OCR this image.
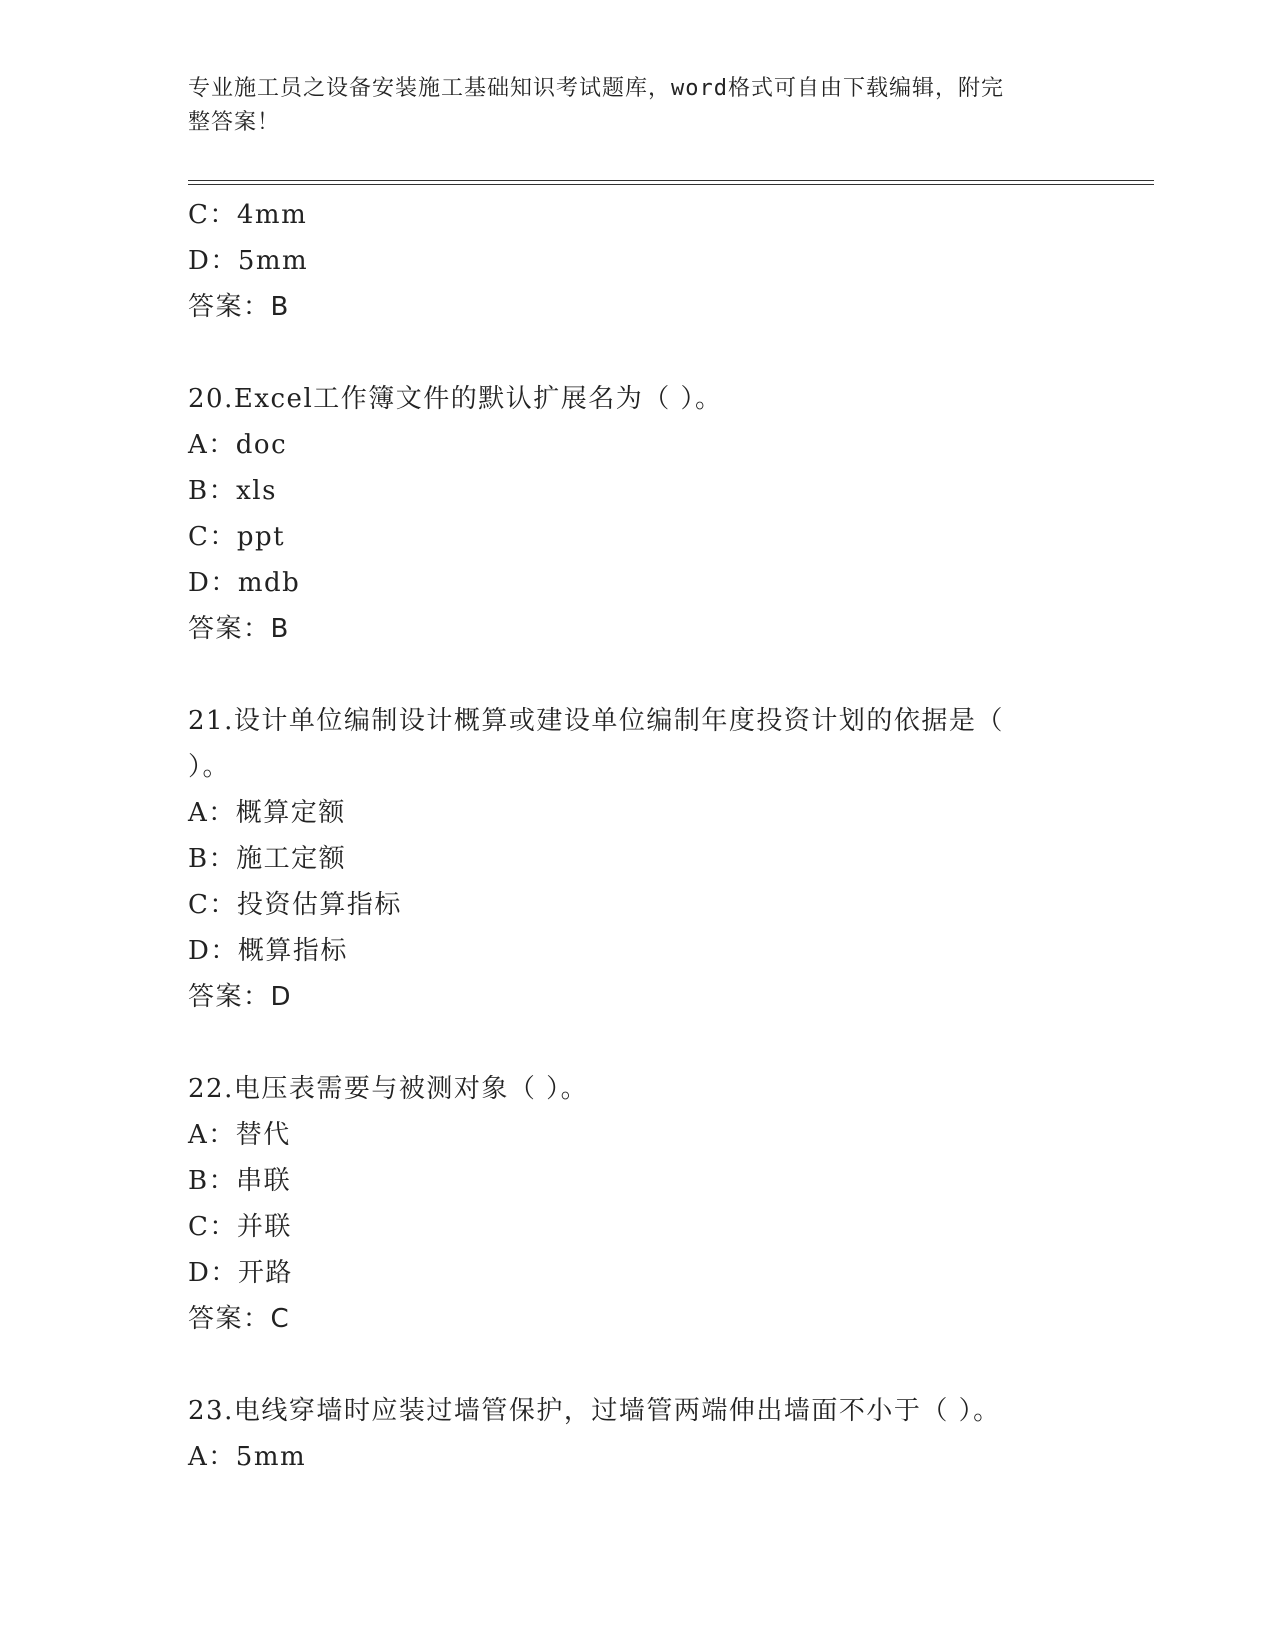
专业施工员之设备安装施工基础知识考试题库，word格式可自由下载编辑，附完
整答案！
C：4mm
D：5mm
答案：B
20.Excel工作簿文件的默认扩展名为（ ）。
A：doc
B：xls
C：ppt
D：mdb
答案：B
21.设计单位编制设计概算或建设单位编制年度投资计划的依据是（
）。
A：概算定额
B：施工定额
C：投资估算指标
D：概算指标
答案：D
22.电压表需要与被测对象（ ）。
A：替代
B：串联
C：并联
D：开路
答案：C
23.电线穿墙时应装过墙管保护，过墙管两端伸出墙面不小于（ ）。
A：5mm
